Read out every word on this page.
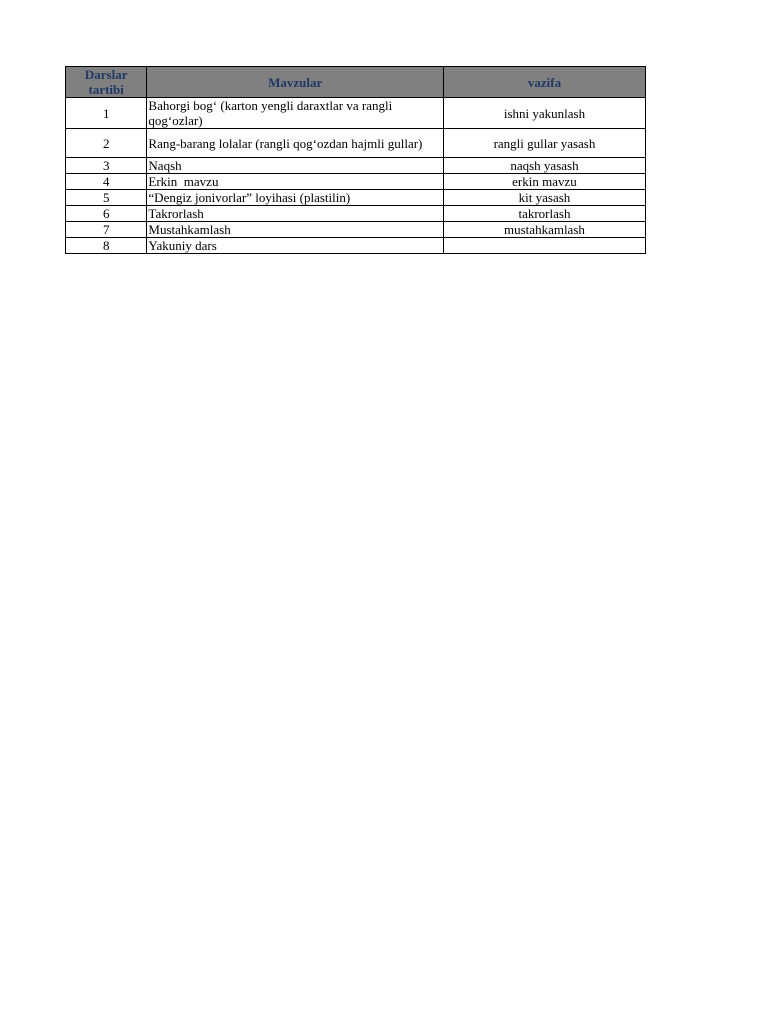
Darslar tartibi	Mavzular	vazifa
1	Bahorgi bog‘ (karton yengli daraxtlar va rangli qog‘ozlar)	ishni yakunlash
2	Rang-barang lolalar (rangli qog‘ozdan hajmli gullar)	rangli gullar yasash
3	Naqsh	naqsh yasash
4	Erkin  mavzu	erkin mavzu
5	“Dengiz jonivorlar” loyihasi (plastilin)	kit yasash
6	Takrorlash	takrorlash
7	Mustahkamlash	mustahkamlash
8	Yakuniy dars	
